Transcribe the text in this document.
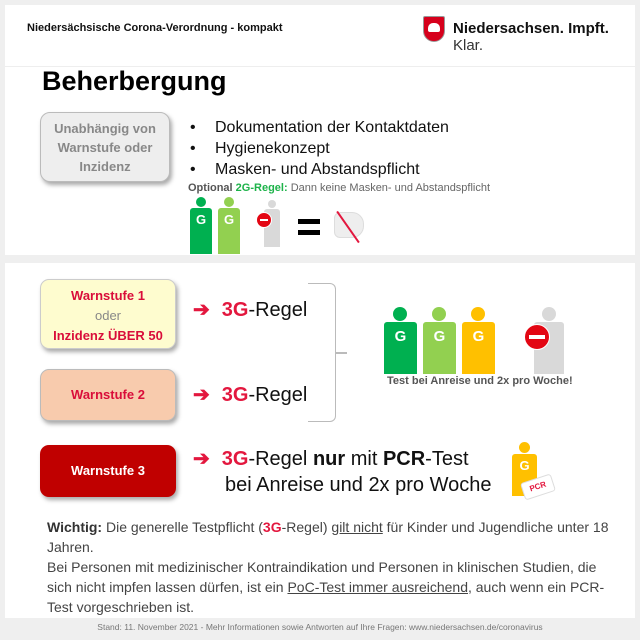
Niedersächsische Corona-Verordnung - kompakt	Niedersachsen. Impft. Klar.
Beherbergung
Unabhängig von Warnstufe oder Inzidenz
• Dokumentation der Kontaktdaten
• Hygienekonzept
• Masken- und Abstandspflicht
Optional 2G-Regel: Dann keine Masken- und Abstandspflicht
G	G
Warnstufe 1
oder
Inzidenz ÜBER 50
➔ 3G-Regel
Warnstufe 2	➔ 3G-Regel
G	G	G
Test bei Anreise und 2x pro Woche!
Warnstufe 3
➔ 3G-Regel nur mit PCR-Test
bei Anreise und 2x pro Woche
G
PCR
Wichtig: Die generelle Testpflicht (3G-Regel) gilt nicht für Kinder und Jugendliche unter 18 Jahren.
Bei Personen mit medizinischer Kontraindikation und Personen in klinischen Studien, die sich nicht impfen lassen dürfen, ist ein PoC-Test immer ausreichend, auch wenn ein PCR-Test vorgeschrieben ist.
Stand: 11. November 2021 - Mehr Informationen sowie Antworten auf Ihre Fragen: www.niedersachsen.de/coronavirus
